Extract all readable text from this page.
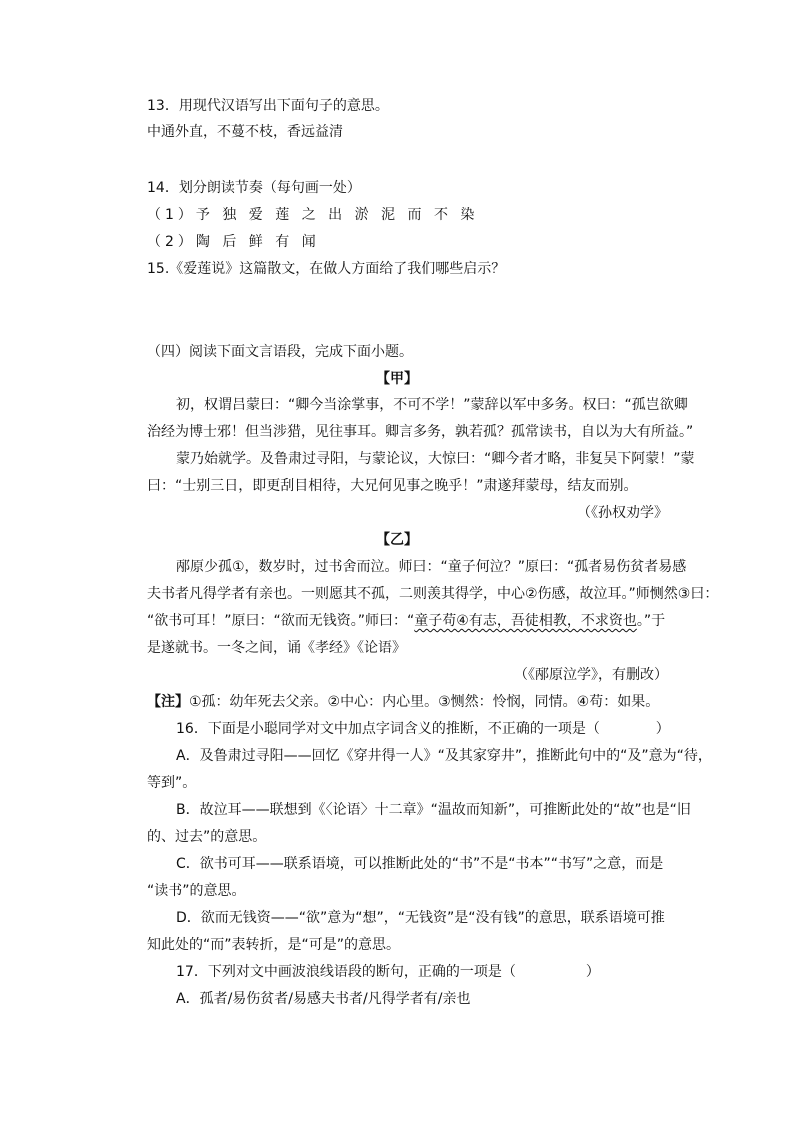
13．用现代汉语写出下面句子的意思。
中通外直，不蔓不枝，香远益清
14．划分朗读节奏（每句画一处）
（1）予 独 爱 莲 之 出 淤 泥 而 不 染
（2）陶 后 鲜 有 闻
15.《爱莲说》这篇散文，在做人方面给了我们哪些启示？
（四）阅读下面文言语段，完成下面小题。
【甲】
初，权谓吕蒙曰：“卿今当涂掌事，不可不学！”蒙辞以军中多务。权曰：“孤岂欲卿
治经为博士邪！但当涉猎，见往事耳。卿言多务，孰若孤？孤常读书，自以为大有所益。”
蒙乃始就学。及鲁肃过寻阳，与蒙论议，大惊曰：“卿今者才略，非复吴下阿蒙！”蒙
曰：“士别三日，即更刮目相待，大兄何见事之晚乎！”肃遂拜蒙母，结友而别。
（《孙权劝学》
【乙】
邴原少孤①，数岁时，过书舍而泣。师曰：“童子何泣？”原曰：“孤者易伤贫者易感
夫书者凡得学者有亲也。一则愿其不孤，二则羡其得学，中心②伤感，故泣耳。”师恻然③曰：
“欲书可耳！”原曰：“欲而无钱资。”师曰：“童子苟④有志，吾徒相教，不求资也。”于
是遂就书。一冬之间，诵《孝经》《论语》
（《邴原泣学》，有删改）
【注】①孤：幼年死去父亲。②中心：内心里。③恻然：怜悯，同情。④苟：如果。
16．下面是小聪同学对文中加点字词含义的推断，不正确的一项是（　　　　）
A．及鲁肃过寻阳——回忆《穿井得一人》“及其家穿井”，推断此句中的“及”意为“待，
等到”。
B．故泣耳——联想到《〈论语〉十二章》“温故而知新”，可推断此处的“故”也是“旧
的、过去”的意思。
C．欲书可耳——联系语境，可以推断此处的“书”不是“书本”“书写”之意，而是
“读书”的意思。
D．欲而无钱资——“欲”意为“想”，“无钱资”是“没有钱”的意思，联系语境可推
知此处的“而”表转折，是“可是”的意思。
17．下列对文中画波浪线语段的断句，正确的一项是（　　　　　）
A．孤者/易伤贫者/易感夫书者/凡得学者有/亲也
